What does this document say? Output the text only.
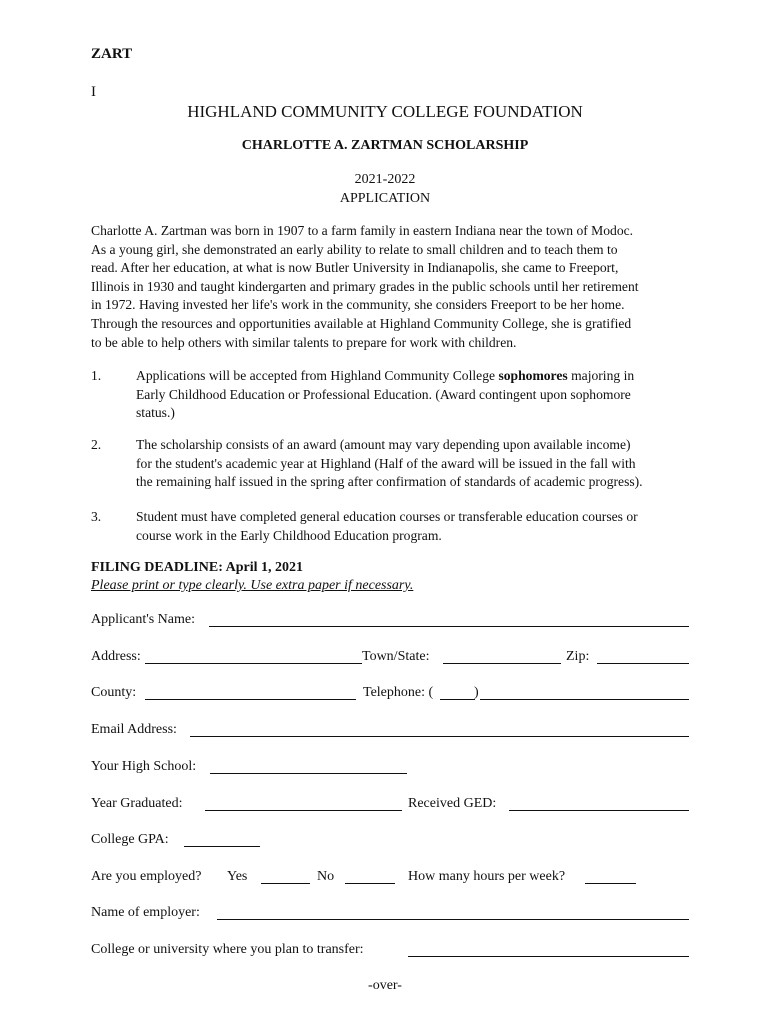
ZART
I
HIGHLAND COMMUNITY COLLEGE FOUNDATION
CHARLOTTE A. ZARTMAN SCHOLARSHIP
2021-2022
APPLICATION
Charlotte A. Zartman was born in 1907 to a farm family in eastern Indiana near the town of Modoc.
As a young girl, she demonstrated an early ability to relate to small children and to teach them to
read. After her education, at what is now Butler University in Indianapolis, she came to Freeport,
Illinois in 1930 and taught kindergarten and primary grades in the public schools until her retirement
in 1972. Having invested her life's work in the community, she considers Freeport to be her home.
Through the resources and opportunities available at Highland Community College, she is gratified
to be able to help others with similar talents to prepare for work with children.
1.	Applications will be accepted from Highland Community College sophomores majoring in
Early Childhood Education or Professional Education. (Award contingent upon sophomore
status.)
2.	The scholarship consists of an award (amount may vary depending upon available income)
for the student's academic year at Highland (Half of the award will be issued in the fall with
the remaining half issued in the spring after confirmation of standards of academic progress).
3.	Student must have completed general education courses or transferable education courses or
course work in the Early Childhood Education program.
FILING DEADLINE: April 1, 2021
Please print or type clearly. Use extra paper if necessary.
Applicant's Name:
Address:	Town/State:	Zip:
County:	Telephone: (	)
Email Address:
Your High School:
Year Graduated:	Received GED:
College GPA:
Are you employed? Yes	No	How many hours per week?
Name of employer:
College or university where you plan to transfer:
-over-
